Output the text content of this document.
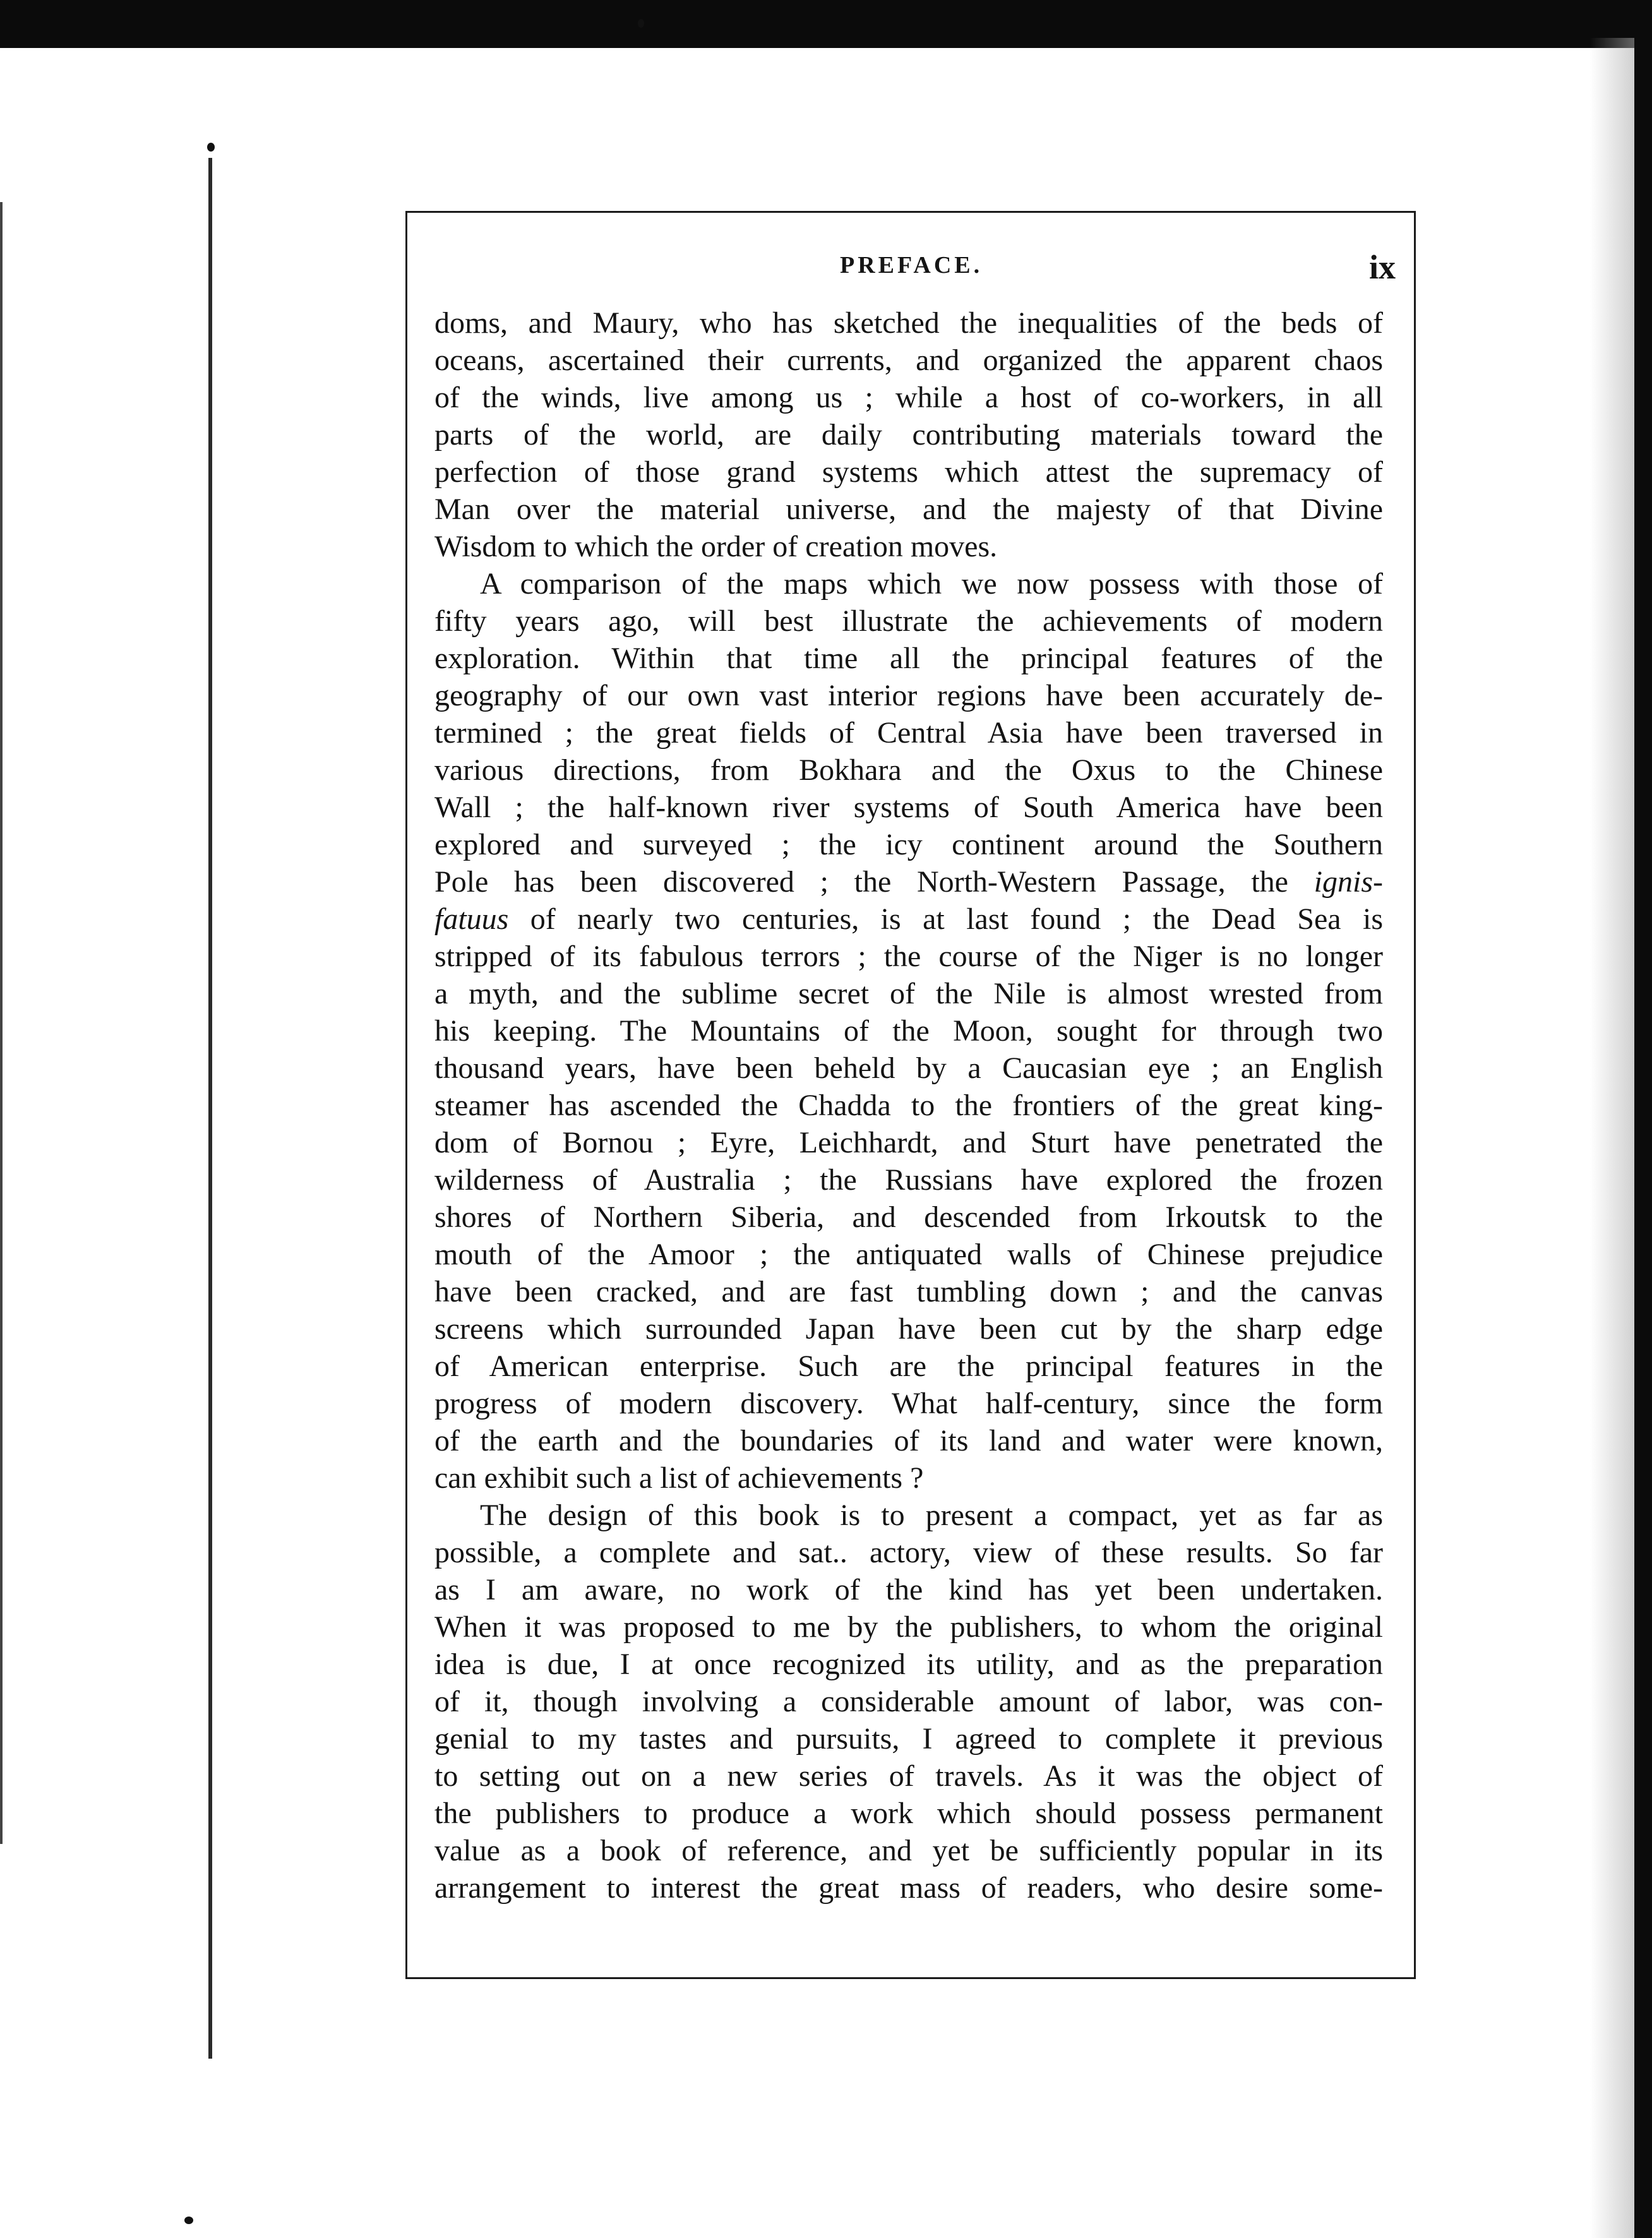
PREFACE.	ix
doms, and Maury, who has sketched the inequalities of the beds of
oceans, ascertained their currents, and organized the apparent chaos
of the winds, live among us ; while a host of co-workers, in all
parts of the world, are daily contributing materials toward the
perfection of those grand systems which attest the supremacy of
Man over the material universe, and the majesty of that Divine
Wisdom to which the order of creation moves.
A comparison of the maps which we now possess with those of
fifty years ago, will best illustrate the achievements of modern
exploration. Within that time all the principal features of the
geography of our own vast interior regions have been accurately de-
termined ; the great fields of Central Asia have been traversed in
various directions, from Bokhara and the Oxus to the Chinese
Wall ; the half-known river systems of South America have been
explored and surveyed ; the icy continent around the Southern
Pole has been discovered ; the North-Western Passage, the ignis-
fatuus of nearly two centuries, is at last found ; the Dead Sea is
stripped of its fabulous terrors ; the course of the Niger is no longer
a myth, and the sublime secret of the Nile is almost wrested from
his keeping. The Mountains of the Moon, sought for through two
thousand years, have been beheld by a Caucasian eye ; an English
steamer has ascended the Chadda to the frontiers of the great king-
dom of Bornou ; Eyre, Leichhardt, and Sturt have penetrated the
wilderness of Australia ; the Russians have explored the frozen
shores of Northern Siberia, and descended from Irkoutsk to the
mouth of the Amoor ; the antiquated walls of Chinese prejudice
have been cracked, and are fast tumbling down ; and the canvas
screens which surrounded Japan have been cut by the sharp edge
of American enterprise. Such are the principal features in the
progress of modern discovery. What half-century, since the form
of the earth and the boundaries of its land and water were known,
can exhibit such a list of achievements ?
The design of this book is to present a compact, yet as far as
possible, a complete and sat.. actory, view of these results. So far
as I am aware, no work of the kind has yet been undertaken.
When it was proposed to me by the publishers, to whom the original
idea is due, I at once recognized its utility, and as the preparation
of it, though involving a considerable amount of labor, was con-
genial to my tastes and pursuits, I agreed to complete it previous
to setting out on a new series of travels. As it was the object of
the publishers to produce a work which should possess permanent
value as a book of reference, and yet be sufficiently popular in its
arrangement to interest the great mass of readers, who desire some-
